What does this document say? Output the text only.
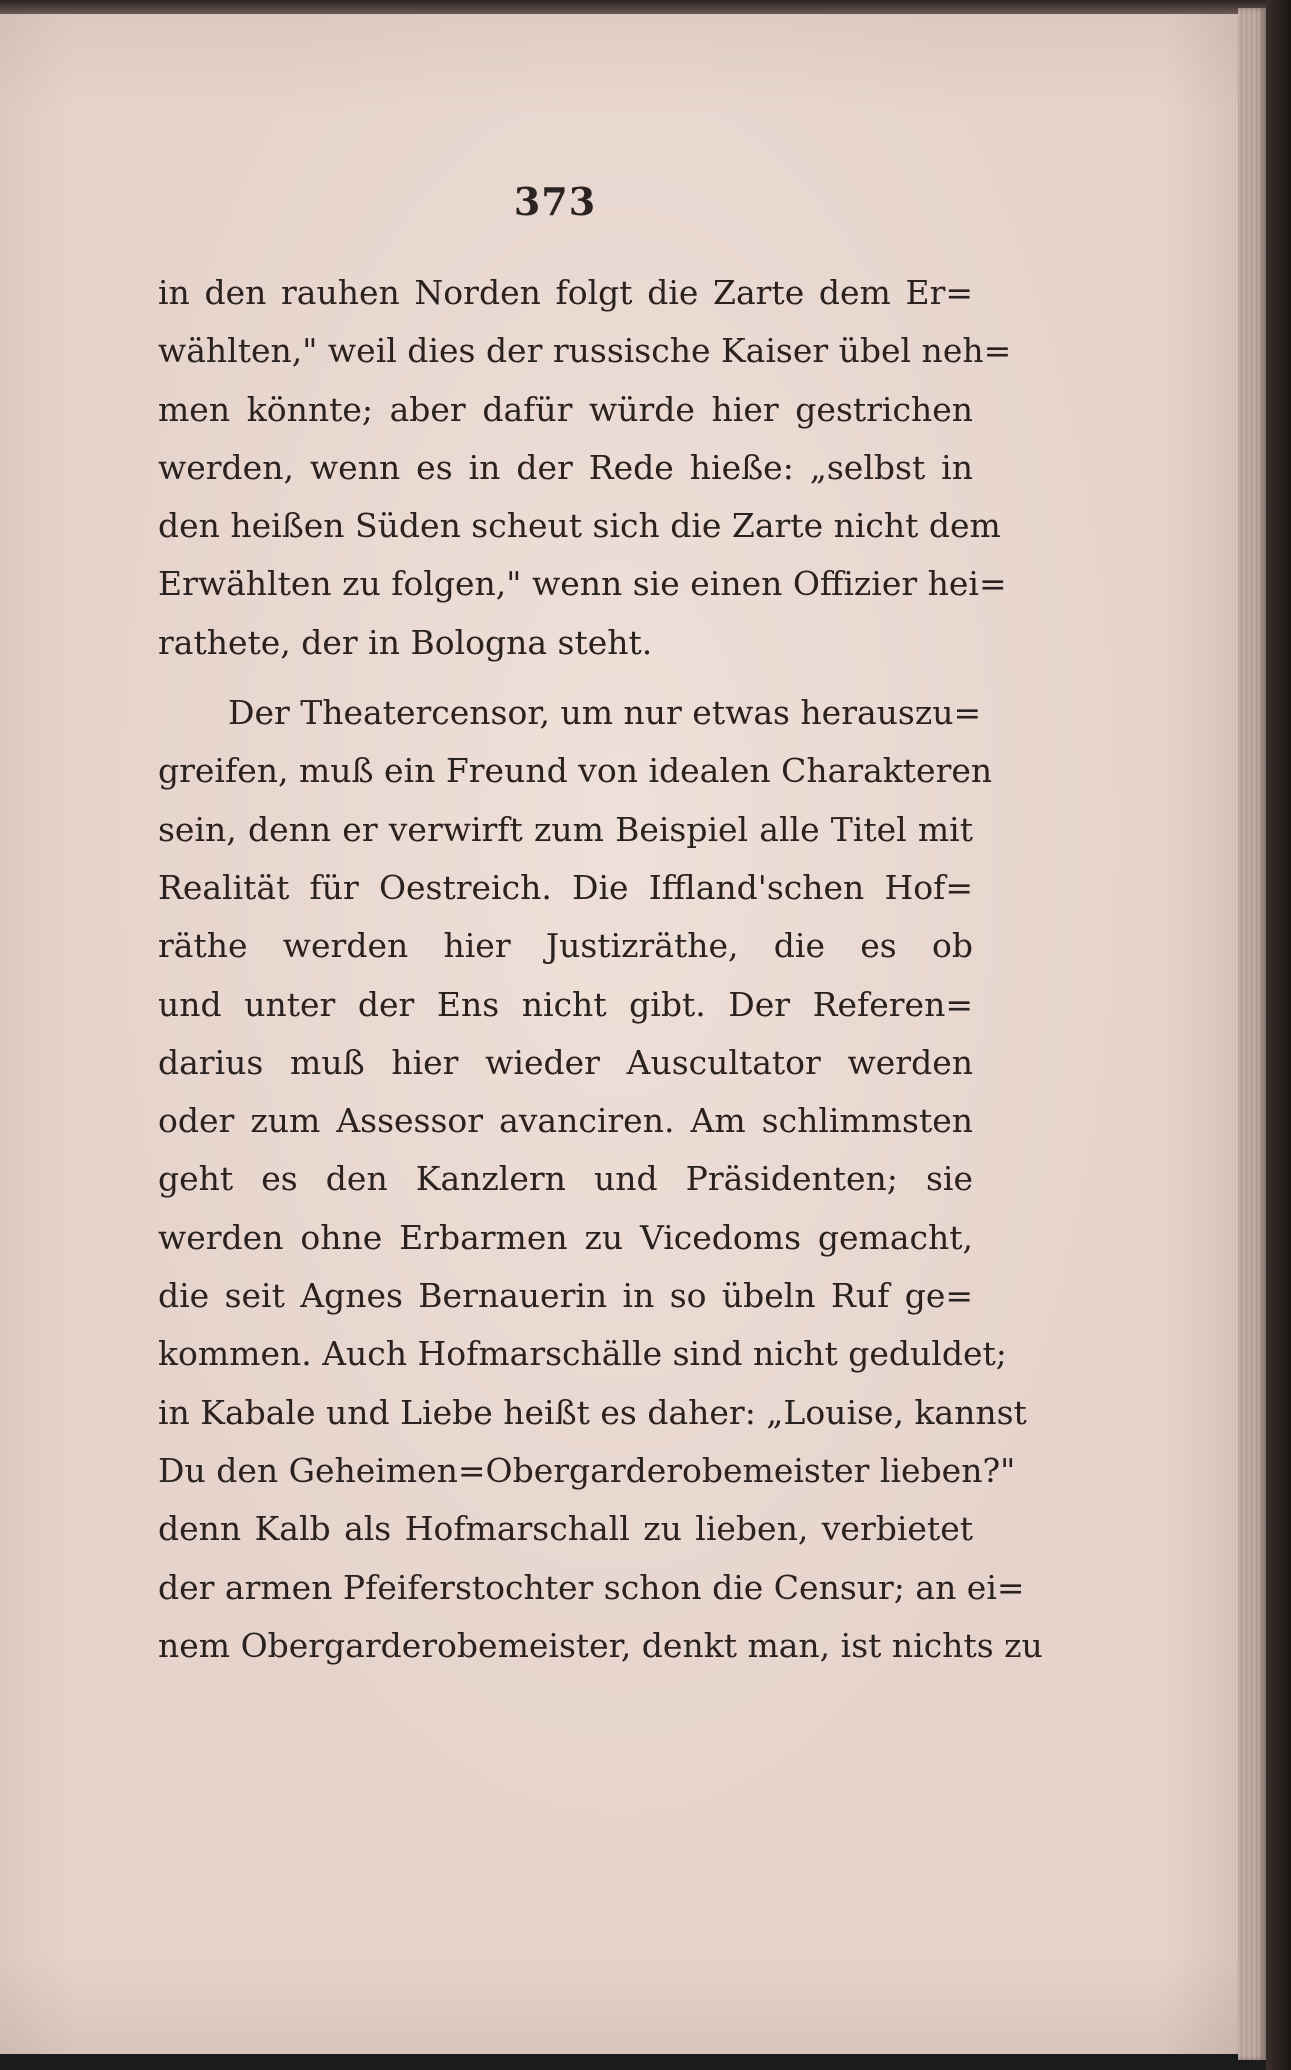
373
in den rauhen Norden folgt die Zarte dem Er=
wählten," weil dies der russische Kaiser übel neh=
men könnte; aber dafür würde hier gestrichen
werden, wenn es in der Rede hieße: „selbst in
den heißen Süden scheut sich die Zarte nicht dem
Erwählten zu folgen," wenn sie einen Offizier hei=
rathete, der in Bologna steht.
Der Theatercensor, um nur etwas herauszu=
greifen, muß ein Freund von idealen Charakteren
sein, denn er verwirft zum Beispiel alle Titel mit
Realität für Oestreich. Die Iffland'schen Hof=
räthe werden hier Justizräthe, die es ob
und unter der Ens nicht gibt. Der Referen=
darius muß hier wieder Auscultator werden
oder zum Assessor avanciren. Am schlimmsten
geht es den Kanzlern und Präsidenten; sie
werden ohne Erbarmen zu Vicedoms gemacht,
die seit Agnes Bernauerin in so übeln Ruf ge=
kommen. Auch Hofmarschälle sind nicht geduldet;
in Kabale und Liebe heißt es daher: „Louise, kannst
Du den Geheimen=Obergarderobemeister lieben?"
denn Kalb als Hofmarschall zu lieben, verbietet
der armen Pfeiferstochter schon die Censur; an ei=
nem Obergarderobemeister, denkt man, ist nichts zu
